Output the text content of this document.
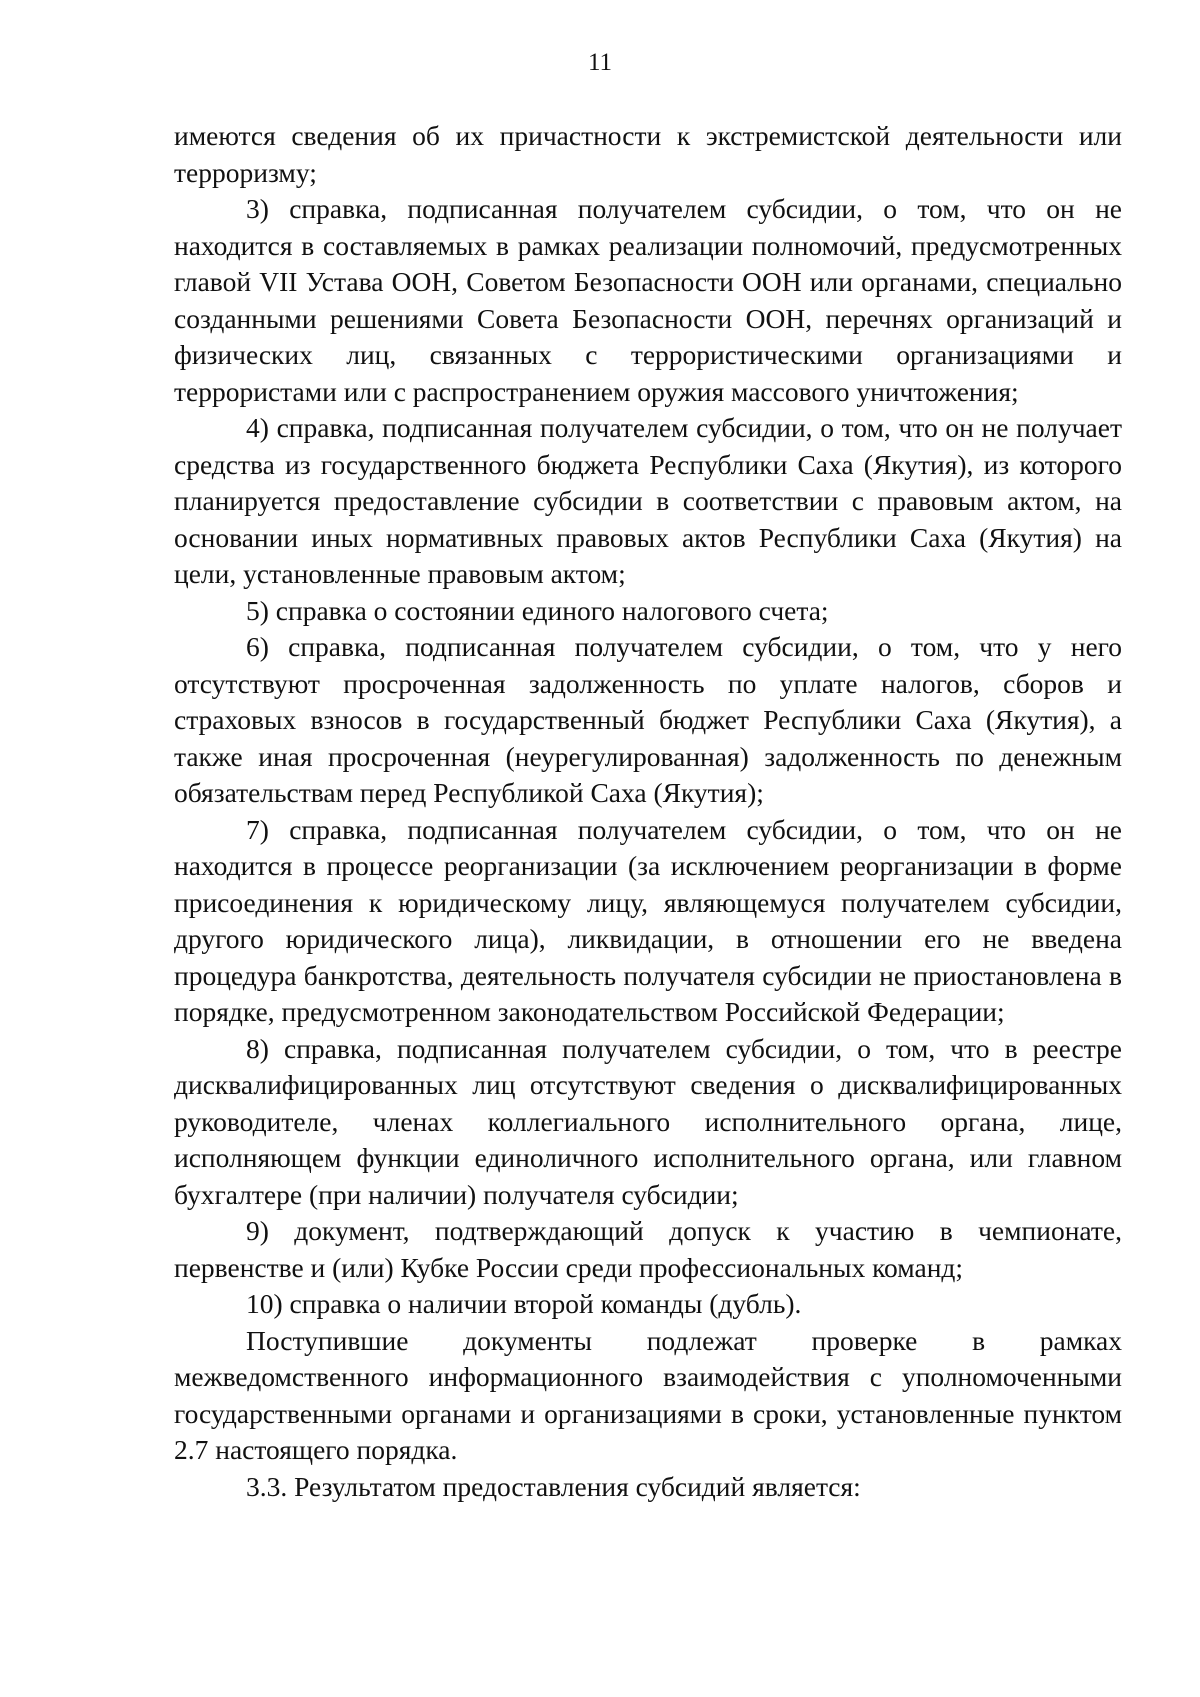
11

имеются сведения об их причастности к экстремистской деятельности или терроризму;

3) справка, подписанная получателем субсидии, о том, что он не находится в составляемых в рамках реализации полномочий, предусмотренных главой VII Устава ООН, Советом Безопасности ООН или органами, специально созданными решениями Совета Безопасности ООН, перечнях организаций и физических лиц, связанных с террористическими организациями и террористами или с распространением оружия массового уничтожения;

4) справка, подписанная получателем субсидии, о том, что он не получает средства из государственного бюджета Республики Саха (Якутия), из которого планируется предоставление субсидии в соответствии с правовым актом, на основании иных нормативных правовых актов Республики Саха (Якутия) на цели, установленные правовым актом;

5) справка о состоянии единого налогового счета;

6) справка, подписанная получателем субсидии, о том, что у него отсутствуют просроченная задолженность по уплате налогов, сборов и страховых взносов в государственный бюджет Республики Саха (Якутия), а также иная просроченная (неурегулированная) задолженность по денежным обязательствам перед Республикой Саха (Якутия);

7) справка, подписанная получателем субсидии, о том, что он не находится в процессе реорганизации (за исключением реорганизации в форме присоединения к юридическому лицу, являющемуся получателем субсидии, другого юридического лица), ликвидации, в отношении его не введена процедура банкротства, деятельность получателя субсидии не приостановлена в порядке, предусмотренном законодательством Российской Федерации;

8) справка, подписанная получателем субсидии, о том, что в реестре дисквалифицированных лиц отсутствуют сведения о дисквалифицированных руководителе, членах коллегиального исполнительного органа, лице, исполняющем функции единоличного исполнительного органа, или главном бухгалтере (при наличии) получателя субсидии;

9) документ, подтверждающий допуск к участию в чемпионате, первенстве и (или) Кубке России среди профессиональных команд;

10) справка о наличии второй команды (дубль).

Поступившие документы подлежат проверке в рамках межведомственного информационного взаимодействия с уполномоченными государственными органами и организациями в сроки, установленные пунктом 2.7 настоящего порядка.

3.3. Результатом предоставления субсидий является:
